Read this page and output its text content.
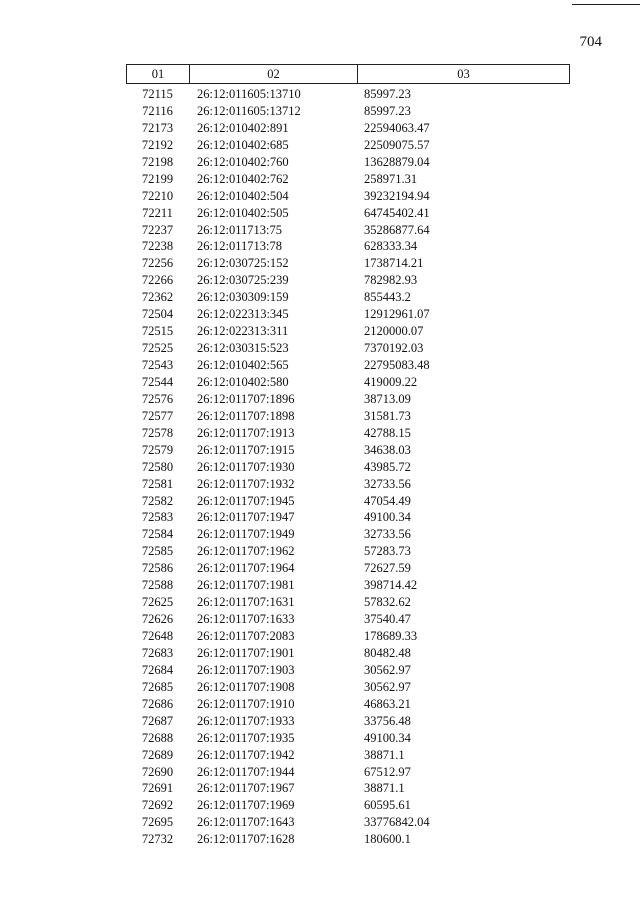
704
01	02	03
72115	26:12:011605:13710	85997.23
72116	26:12:011605:13712	85997.23
72173	26:12:010402:891	22594063.47
72192	26:12:010402:685	22509075.57
72198	26:12:010402:760	13628879.04
72199	26:12:010402:762	258971.31
72210	26:12:010402:504	39232194.94
72211	26:12:010402:505	64745402.41
72237	26:12:011713:75	35286877.64
72238	26:12:011713:78	628333.34
72256	26:12:030725:152	1738714.21
72266	26:12:030725:239	782982.93
72362	26:12:030309:159	855443.2
72504	26:12:022313:345	12912961.07
72515	26:12:022313:311	2120000.07
72525	26:12:030315:523	7370192.03
72543	26:12:010402:565	22795083.48
72544	26:12:010402:580	419009.22
72576	26:12:011707:1896	38713.09
72577	26:12:011707:1898	31581.73
72578	26:12:011707:1913	42788.15
72579	26:12:011707:1915	34638.03
72580	26:12:011707:1930	43985.72
72581	26:12:011707:1932	32733.56
72582	26:12:011707:1945	47054.49
72583	26:12:011707:1947	49100.34
72584	26:12:011707:1949	32733.56
72585	26:12:011707:1962	57283.73
72586	26:12:011707:1964	72627.59
72588	26:12:011707:1981	398714.42
72625	26:12:011707:1631	57832.62
72626	26:12:011707:1633	37540.47
72648	26:12:011707:2083	178689.33
72683	26:12:011707:1901	80482.48
72684	26:12:011707:1903	30562.97
72685	26:12:011707:1908	30562.97
72686	26:12:011707:1910	46863.21
72687	26:12:011707:1933	33756.48
72688	26:12:011707:1935	49100.34
72689	26:12:011707:1942	38871.1
72690	26:12:011707:1944	67512.97
72691	26:12:011707:1967	38871.1
72692	26:12:011707:1969	60595.61
72695	26:12:011707:1643	33776842.04
72732	26:12:011707:1628	180600.1
